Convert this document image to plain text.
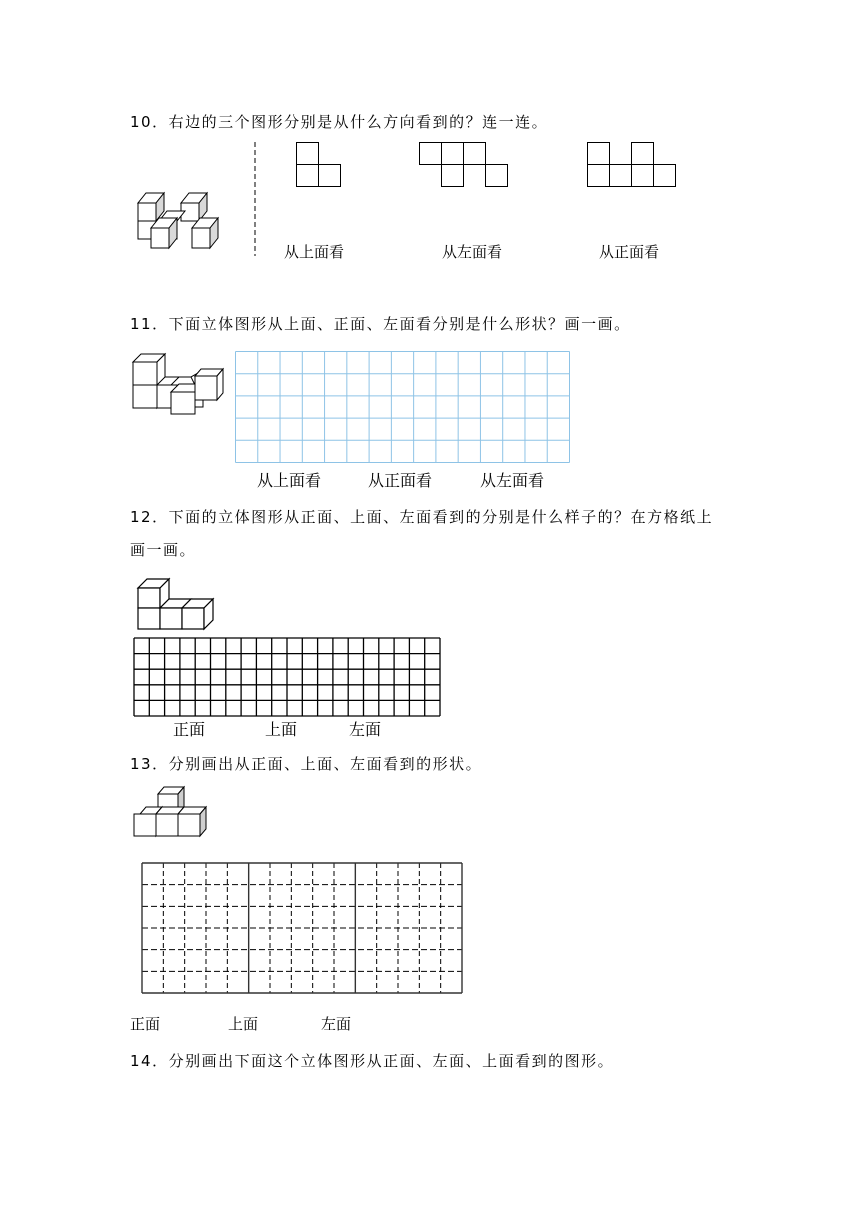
10．右边的三个图形分别是从什么方向看到的？连一连。
从上面看	从左面看	从正面看
11．下面立体图形从上面、正面、左面看分别是什么形状？画一画。
从上面看	从正面看	从左面看
12．下面的立体图形从正面、上面、左面看到的分别是什么样子的？在方格纸上
画一画。
正面	上面	左面
13．分别画出从正面、上面、左面看到的形状。
正面	上面	左面
14．分别画出下面这个立体图形从正面、左面、上面看到的图形。
